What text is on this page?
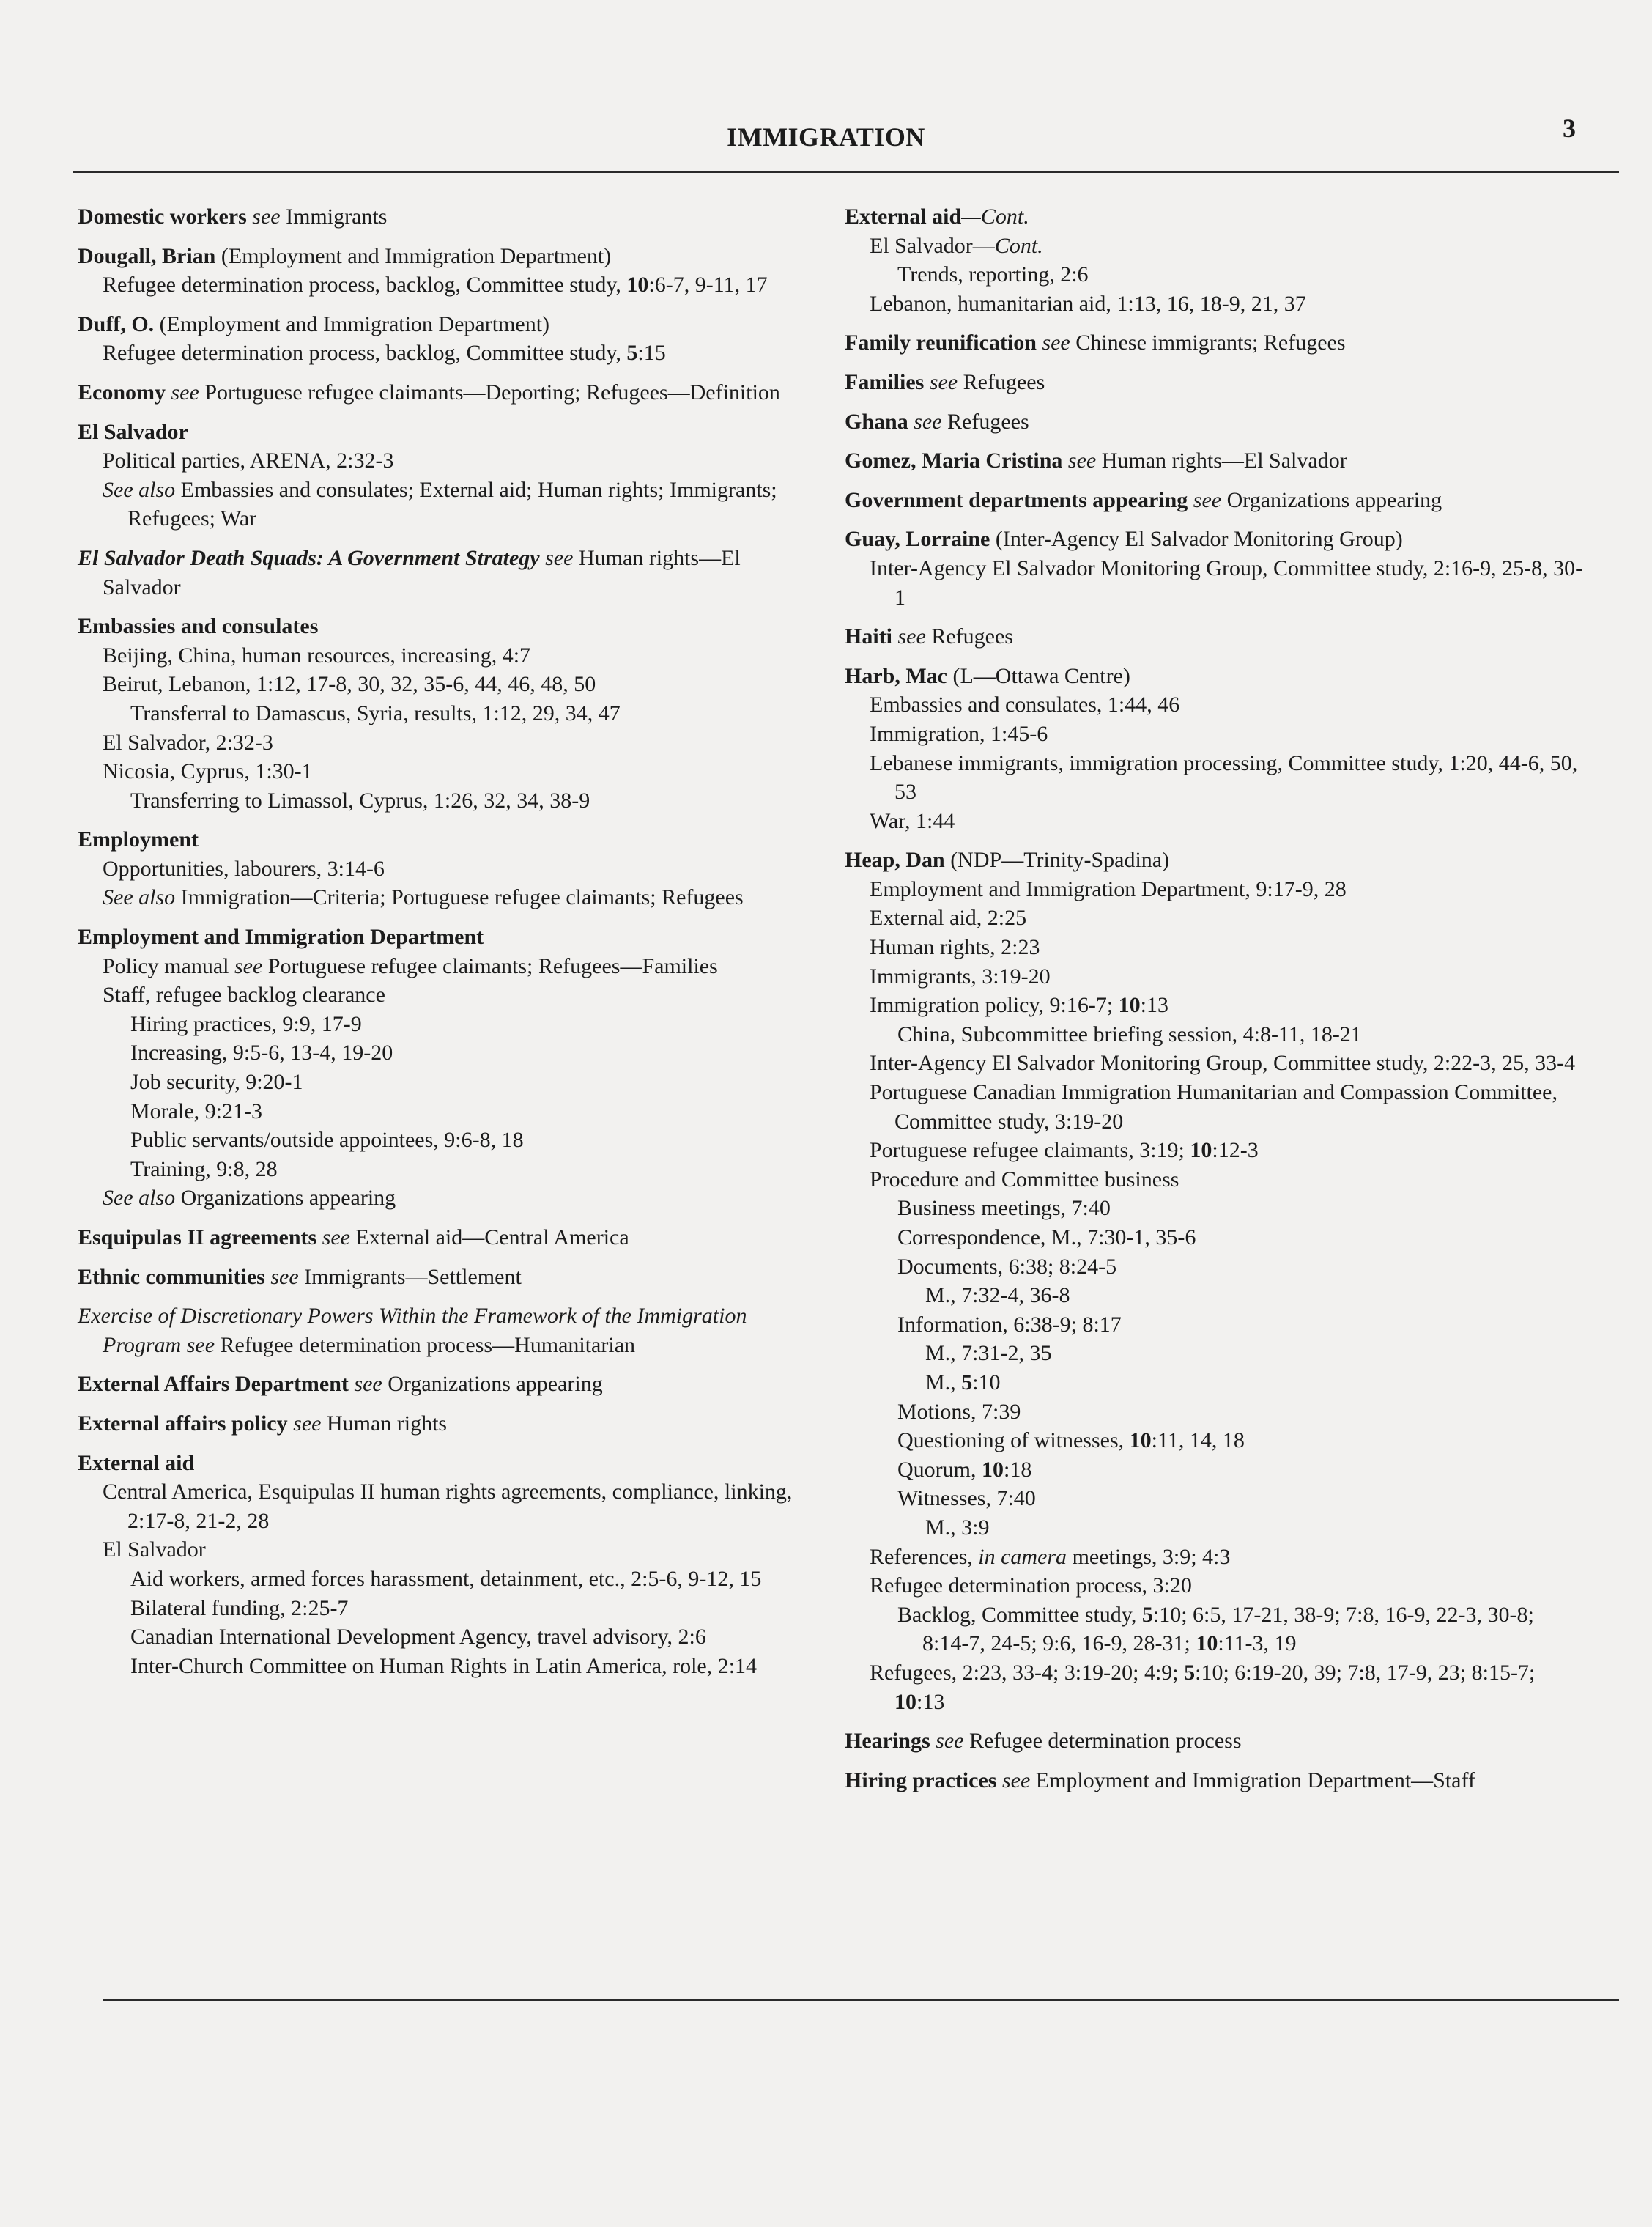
IMMIGRATION	3
Domestic workers see Immigrants
Dougall, Brian (Employment and Immigration Department)
Refugee determination process, backlog, Committee study, 10:6-7, 9-11, 17
Duff, O. (Employment and Immigration Department)
Refugee determination process, backlog, Committee study, 5:15
Economy see Portuguese refugee claimants—Deporting; Refugees—Definition
El Salvador
Political parties, ARENA, 2:32-3
See also Embassies and consulates; External aid; Human rights; Immigrants; Refugees; War
El Salvador Death Squads: A Government Strategy see Human rights—El Salvador
Embassies and consulates
Beijing, China, human resources, increasing, 4:7
Beirut, Lebanon, 1:12, 17-8, 30, 32, 35-6, 44, 46, 48, 50
Transferral to Damascus, Syria, results, 1:12, 29, 34, 47
El Salvador, 2:32-3
Nicosia, Cyprus, 1:30-1
Transferring to Limassol, Cyprus, 1:26, 32, 34, 38-9
Employment
Opportunities, labourers, 3:14-6
See also Immigration—Criteria; Portuguese refugee claimants; Refugees
Employment and Immigration Department
Policy manual see Portuguese refugee claimants; Refugees—Families
Staff, refugee backlog clearance
Hiring practices, 9:9, 17-9
Increasing, 9:5-6, 13-4, 19-20
Job security, 9:20-1
Morale, 9:21-3
Public servants/outside appointees, 9:6-8, 18
Training, 9:8, 28
See also Organizations appearing
Esquipulas II agreements see External aid—Central America
Ethnic communities see Immigrants—Settlement
Exercise of Discretionary Powers Within the Framework of the Immigration Program see Refugee determination process—Humanitarian
External Affairs Department see Organizations appearing
External affairs policy see Human rights
External aid
Central America, Esquipulas II human rights agreements, compliance, linking, 2:17-8, 21-2, 28
El Salvador
Aid workers, armed forces harassment, detainment, etc., 2:5-6, 9-12, 15
Bilateral funding, 2:25-7
Canadian International Development Agency, travel advisory, 2:6
Inter-Church Committee on Human Rights in Latin America, role, 2:14
External aid—Cont.
El Salvador—Cont.
Trends, reporting, 2:6
Lebanon, humanitarian aid, 1:13, 16, 18-9, 21, 37
Family reunification see Chinese immigrants; Refugees
Families see Refugees
Ghana see Refugees
Gomez, Maria Cristina see Human rights—El Salvador
Government departments appearing see Organizations appearing
Guay, Lorraine (Inter-Agency El Salvador Monitoring Group)
Inter-Agency El Salvador Monitoring Group, Committee study, 2:16-9, 25-8, 30-1
Haiti see Refugees
Harb, Mac (L—Ottawa Centre)
Embassies and consulates, 1:44, 46
Immigration, 1:45-6
Lebanese immigrants, immigration processing, Committee study, 1:20, 44-6, 50, 53
War, 1:44
Heap, Dan (NDP—Trinity-Spadina)
Employment and Immigration Department, 9:17-9, 28
External aid, 2:25
Human rights, 2:23
Immigrants, 3:19-20
Immigration policy, 9:16-7; 10:13
China, Subcommittee briefing session, 4:8-11, 18-21
Inter-Agency El Salvador Monitoring Group, Committee study, 2:22-3, 25, 33-4
Portuguese Canadian Immigration Humanitarian and Compassion Committee, Committee study, 3:19-20
Portuguese refugee claimants, 3:19; 10:12-3
Procedure and Committee business
Business meetings, 7:40
Correspondence, M., 7:30-1, 35-6
Documents, 6:38; 8:24-5
M., 7:32-4, 36-8
Information, 6:38-9; 8:17
M., 7:31-2, 35
M., 5:10
Motions, 7:39
Questioning of witnesses, 10:11, 14, 18
Quorum, 10:18
Witnesses, 7:40
M., 3:9
References, in camera meetings, 3:9; 4:3
Refugee determination process, 3:20
Backlog, Committee study, 5:10; 6:5, 17-21, 38-9; 7:8, 16-9, 22-3, 30-8; 8:14-7, 24-5; 9:6, 16-9, 28-31; 10:11-3, 19
Refugees, 2:23, 33-4; 3:19-20; 4:9; 5:10; 6:19-20, 39; 7:8, 17-9, 23; 8:15-7; 10:13
Hearings see Refugee determination process
Hiring practices see Employment and Immigration Department—Staff
